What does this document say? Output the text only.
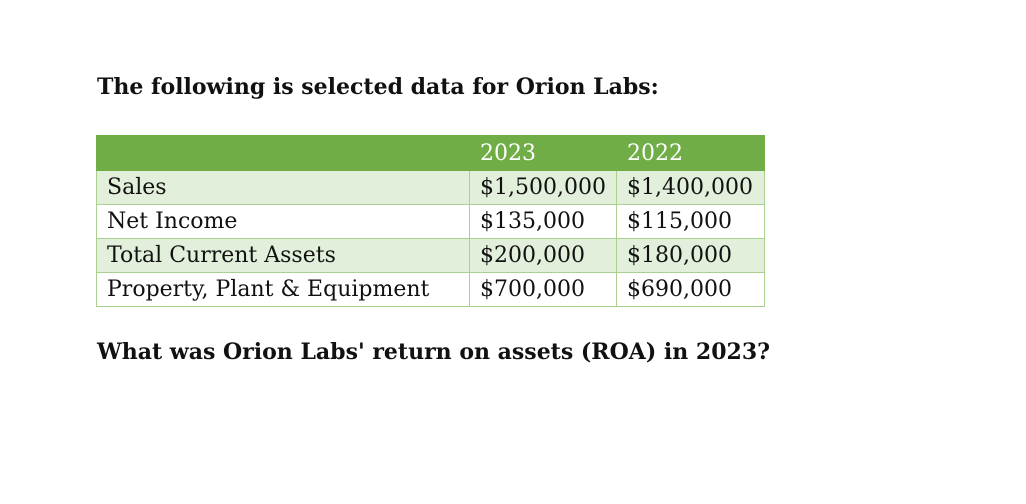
The following is selected data for Orion Labs:

	2023	2022
Sales	$1,500,000	$1,400,000
Net Income	$135,000	$115,000
Total Current Assets	$200,000	$180,000
Property, Plant & Equipment	$700,000	$690,000

What was Orion Labs' return on assets (ROA) in 2023?
